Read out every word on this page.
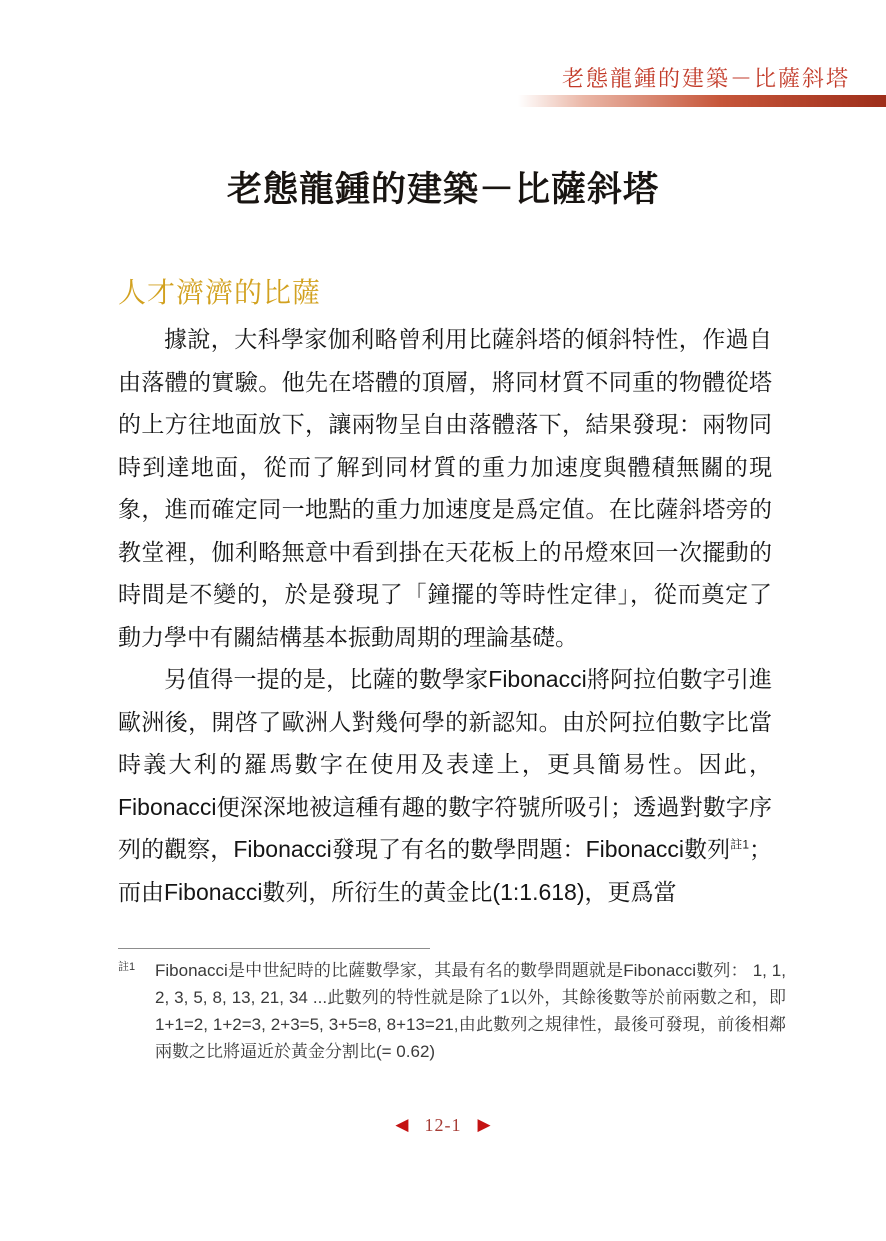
老態龍鍾的建築－比薩斜塔
老態龍鍾的建築－比薩斜塔
人才濟濟的比薩

據說，大科學家伽利略曾利用比薩斜塔的傾斜特性，作過自由落體的實驗。他先在塔體的頂層，將同材質不同重的物體從塔的上方往地面放下，讓兩物呈自由落體落下，結果發現：兩物同時到達地面，從而了解到同材質的重力加速度與體積無關的現象，進而確定同一地點的重力加速度是爲定值。在比薩斜塔旁的教堂裡，伽利略無意中看到掛在天花板上的吊燈來回一次擺動的時間是不變的，於是發現了「鐘擺的等時性定律」，從而奠定了動力學中有關結構基本振動周期的理論基礎。

另值得一提的是，比薩的數學家Fibonacci將阿拉伯數字引進歐洲後，開啓了歐洲人對幾何學的新認知。由於阿拉伯數字比當時義大利的羅馬數字在使用及表達上，更具簡易性。因此，Fibonacci便深深地被這種有趣的數字符號所吸引；透過對數字序列的觀察，Fibonacci發現了有名的數學問題：Fibonacci數列$^{註1}$；而由Fibonacci數列，所衍生的黃金比(1:1.618)，更爲當

註1 Fibonacci是中世紀時的比薩數學家，其最有名的數學問題就是Fibonacci數列： 1, 1, 2, 3, 5, 8, 13, 21, 34 ...此數列的特性就是除了1以外，其餘後數等於前兩數之和，即1+1=2, 1+2=3, 2+3=5, 3+5=8, 8+13=21,由此數列之規律性，最後可發現，前後相鄰兩數之比將逼近於黃金分割比(= 0.62)
◀ 12-1 ▶
